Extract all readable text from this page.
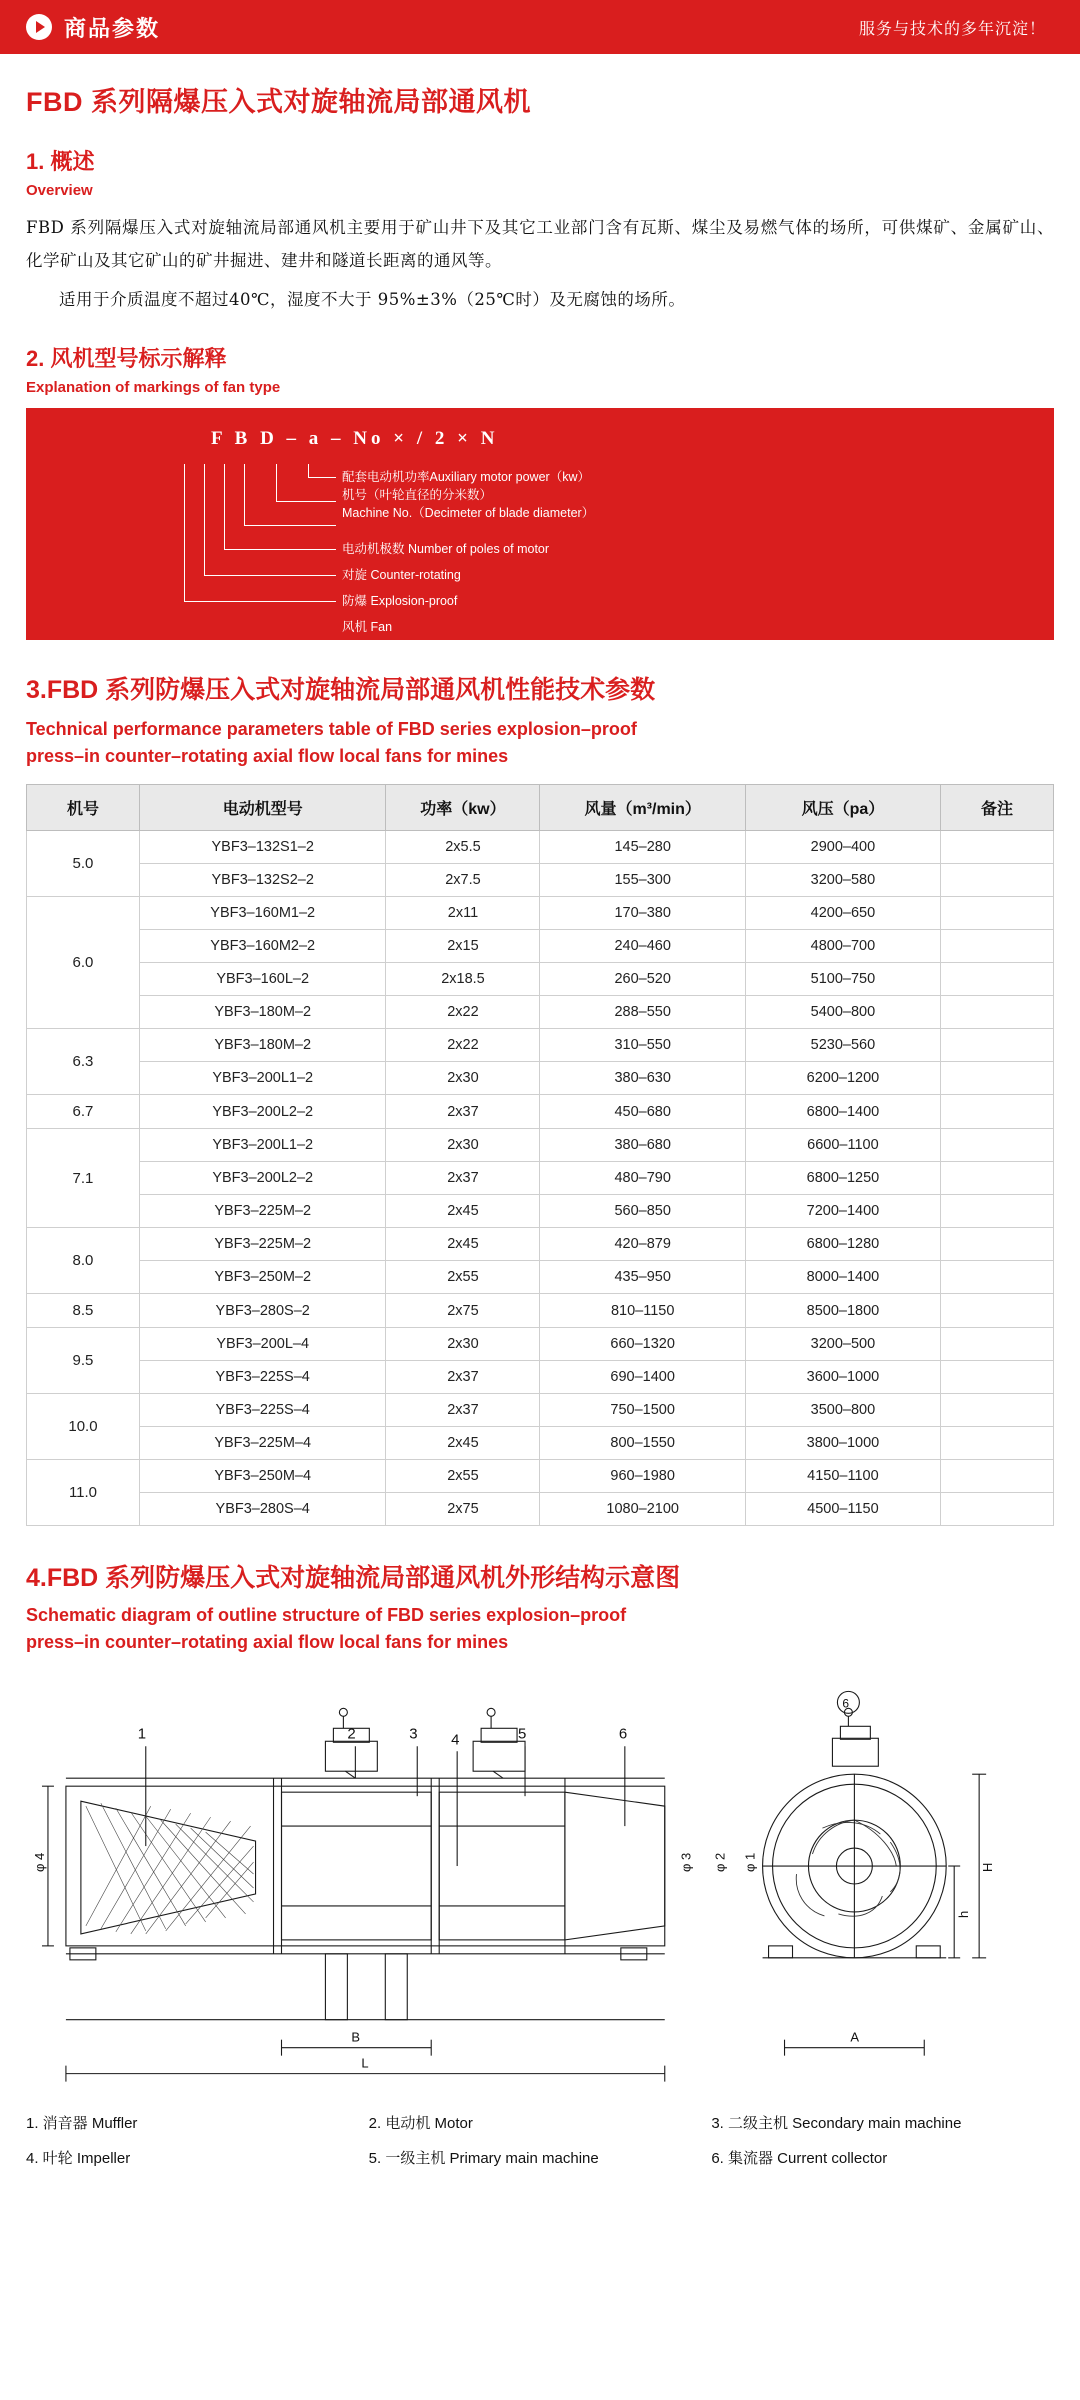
商品参数	服务与技术的多年沉淀！
FBD 系列隔爆压入式对旋轴流局部通风机
1. 概述
Overview

FBD 系列隔爆压入式对旋轴流局部通风机主要用于矿山井下及其它工业部门含有瓦斯、煤尘及易燃气体的场所，可供煤矿、金属矿山、化学矿山及其它矿山的矿井掘进、建井和隧道长距离的通风等。

适用于介质温度不超过40℃，湿度不大于 95%±3%（25℃时）及无腐蚀的场所。

2. 风机型号标示解释
Explanation of markings of fan type
F B D – a – No × / 2 × N
配套电动机功率Auxiliary motor power（kw）
机号（叶轮直径的分米数）
Machine No.（Decimeter of blade diameter）
电动机极数 Number of poles of motor
对旋 Counter-rotating
防爆 Explosion-proof
风机 Fan
3.FBD 系列防爆压入式对旋轴流局部通风机性能技术参数
Technical performance parameters table of FBD series explosion–proof
press–in counter–rotating axial flow local fans for mines
机号	电动机型号	功率（kw）	风量（m³/min）	风压（pa）	备注
5.0	YBF3–132S1–2	2x5.5	145–280	2900–400	
	YBF3–132S2–2	2x7.5	155–300	3200–580	
6.0	YBF3–160M1–2	2x11	170–380	4200–650	
	YBF3–160M2–2	2x15	240–460	4800–700	
	YBF3–160L–2	2x18.5	260–520	5100–750	
	YBF3–180M–2	2x22	288–550	5400–800	
6.3	YBF3–180M–2	2x22	310–550	5230–560	
	YBF3–200L1–2	2x30	380–630	6200–1200	
6.7	YBF3–200L2–2	2x37	450–680	6800–1400	
7.1	YBF3–200L1–2	2x30	380–680	6600–1100	
	YBF3–200L2–2	2x37	480–790	6800–1250	
	YBF3–225M–2	2x45	560–850	7200–1400	
8.0	YBF3–225M–2	2x45	420–879	6800–1280	
	YBF3–250M–2	2x55	435–950	8000–1400	
8.5	YBF3–280S–2	2x75	810–1150	8500–1800	
9.5	YBF3–200L–4	2x30	660–1320	3200–500	
	YBF3–225S–4	2x37	690–1400	3600–1000	
10.0	YBF3–225S–4	2x37	750–1500	3500–800	
	YBF3–225M–4	2x45	800–1550	3800–1000	
11.0	YBF3–250M–4	2x55	960–1980	4150–1100	
	YBF3–280S–4	2x75	1080–2100	4500–1150	
4.FBD 系列防爆压入式对旋轴流局部通风机外形结构示意图
Schematic diagram of outline structure of FBD series explosion–proof
press–in counter–rotating axial flow local fans for mines
1	2	3 4	5	6
6
φ 4	φ 3 φ 2 φ 1
B
L
A
H
h
1. 消音器 Muffler	2. 电动机 Motor	3. 二级主机 Secondary main machine
4. 叶轮 Impeller	5. 一级主机 Primary main machine	6. 集流器 Current collector
